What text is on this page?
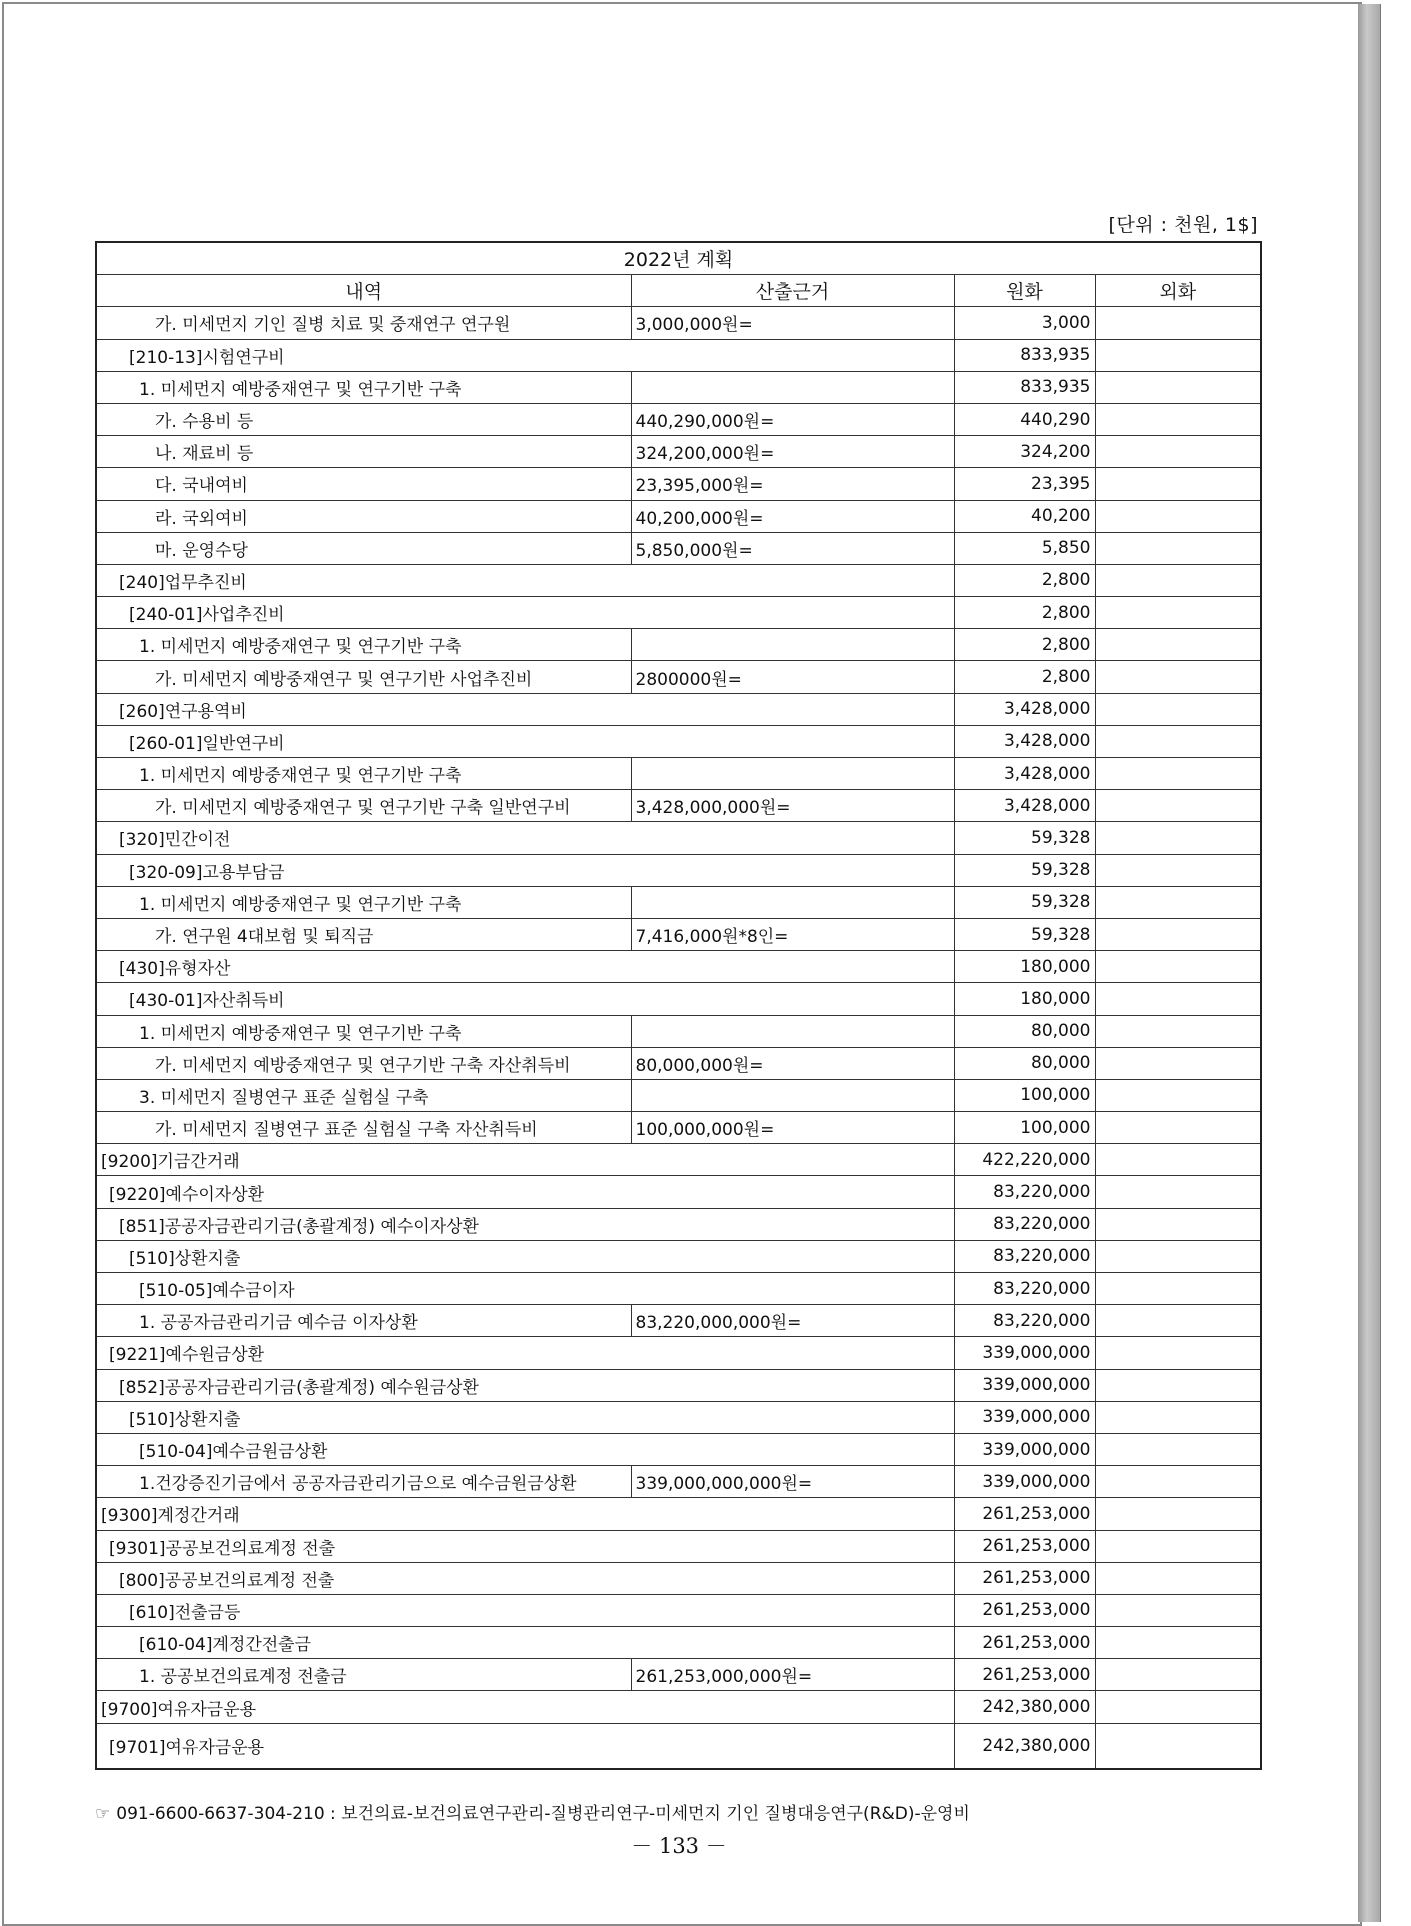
[단위 : 천원, 1$]
2022년 계획			
내역	산출근거	원화	외화
가. 미세먼지 기인 질병 치료 및 중재연구 연구원	3,000,000원=	3,000	
[210-13]시험연구비		833,935	
1. 미세먼지 예방중재연구 및 연구기반 구축		833,935	
가. 수용비 등	440,290,000원=	440,290	
나. 재료비 등	324,200,000원=	324,200	
다. 국내여비	23,395,000원=	23,395	
라. 국외여비	40,200,000원=	40,200	
마. 운영수당	5,850,000원=	5,850	
[240]업무추진비		2,800	
[240-01]사업추진비		2,800	
1. 미세먼지 예방중재연구 및 연구기반 구축		2,800	
가. 미세먼지 예방중재연구 및 연구기반 사업추진비	2800000원=	2,800	
[260]연구용역비		3,428,000	
[260-01]일반연구비		3,428,000	
1. 미세먼지 예방중재연구 및 연구기반 구축		3,428,000	
가. 미세먼지 예방중재연구 및 연구기반 구축 일반연구비	3,428,000,000원=	3,428,000	
[320]민간이전		59,328	
[320-09]고용부담금		59,328	
1. 미세먼지 예방중재연구 및 연구기반 구축		59,328	
가. 연구원 4대보험 및 퇴직금	7,416,000원*8인=	59,328	
[430]유형자산		180,000	
[430-01]자산취득비		180,000	
1. 미세먼지 예방중재연구 및 연구기반 구축		80,000	
가. 미세먼지 예방중재연구 및 연구기반 구축 자산취득비	80,000,000원=	80,000	
3. 미세먼지 질병연구 표준 실험실 구축		100,000	
가. 미세먼지 질병연구 표준 실험실 구축 자산취득비	100,000,000원=	100,000	
[9200]기금간거래		422,220,000	
[9220]예수이자상환		83,220,000	
[851]공공자금관리기금(총괄계정) 예수이자상환		83,220,000	
[510]상환지출		83,220,000	
[510-05]예수금이자		83,220,000	
1. 공공자금관리기금 예수금 이자상환	83,220,000,000원=	83,220,000	
[9221]예수원금상환		339,000,000	
[852]공공자금관리기금(총괄계정) 예수원금상환		339,000,000	
[510]상환지출		339,000,000	
[510-04]예수금원금상환		339,000,000	
1.건강증진기금에서 공공자금관리기금으로 예수금원금상환	339,000,000,000원=	339,000,000	
[9300]계정간거래		261,253,000	
[9301]공공보건의료계정 전출		261,253,000	
[800]공공보건의료계정 전출		261,253,000	
[610]전출금등		261,253,000	
[610-04]계정간전출금		261,253,000	
1. 공공보건의료계정 전출금	261,253,000,000원=	261,253,000	
[9700]여유자금운용		242,380,000	
[9701]여유자금운용		242,380,000	
☞ 091-6600-6637-304-210 : 보건의료-보건의료연구관리-질병관리연구-미세먼지 기인 질병대응연구(R&D)-운영비
－ 133 －
